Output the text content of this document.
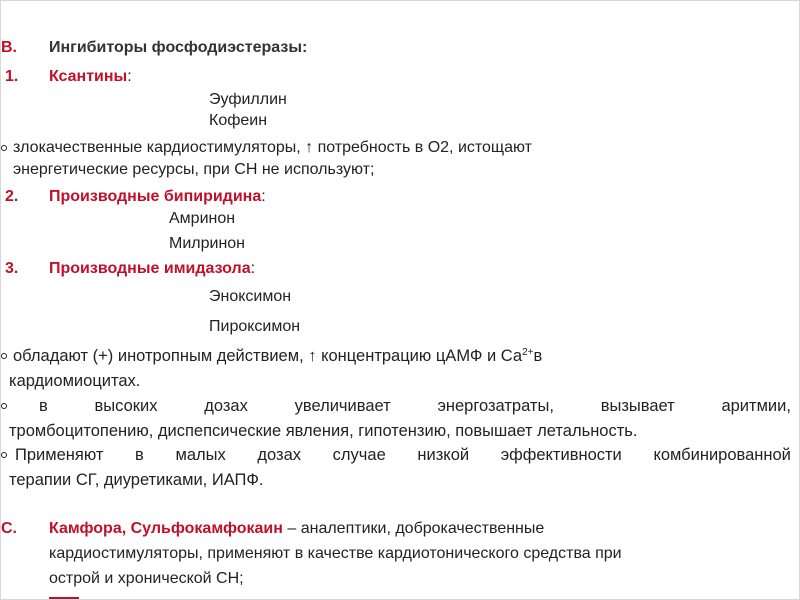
B. Ингибиторы фосфодиэстеразы:
1. Ксантины:
Эуфиллин
Кофеин
злокачественные кардиостимуляторы, ↑ потребность в О2, истощают
энергетические ресурсы, при СН не используют;
2. Производные бипиридина:
Амринон
Милринон
3. Производные имидазола:
Эноксимон
Пироксимон
обладают (+) инотропным действием, ↑ концентрацию цАМФ и $Са^{2+}в$
кардиомиоцитах.
в	высоких	дозах	увеличивает	энергозатраты,	вызывает	аритмии,
тромбоцитопению, диспепсические явления, гипотензию, повышает летальность.
Применяют в малых дозах случае низкой эффективности комбинированной
терапии СГ, диуретиками, ИАПФ.
C. Камфора, Сульфокамфокаин – аналептики, доброкачественные
кардиостимуляторы, применяют в качестве кардиотонического средства при
острой и хронической СН;
